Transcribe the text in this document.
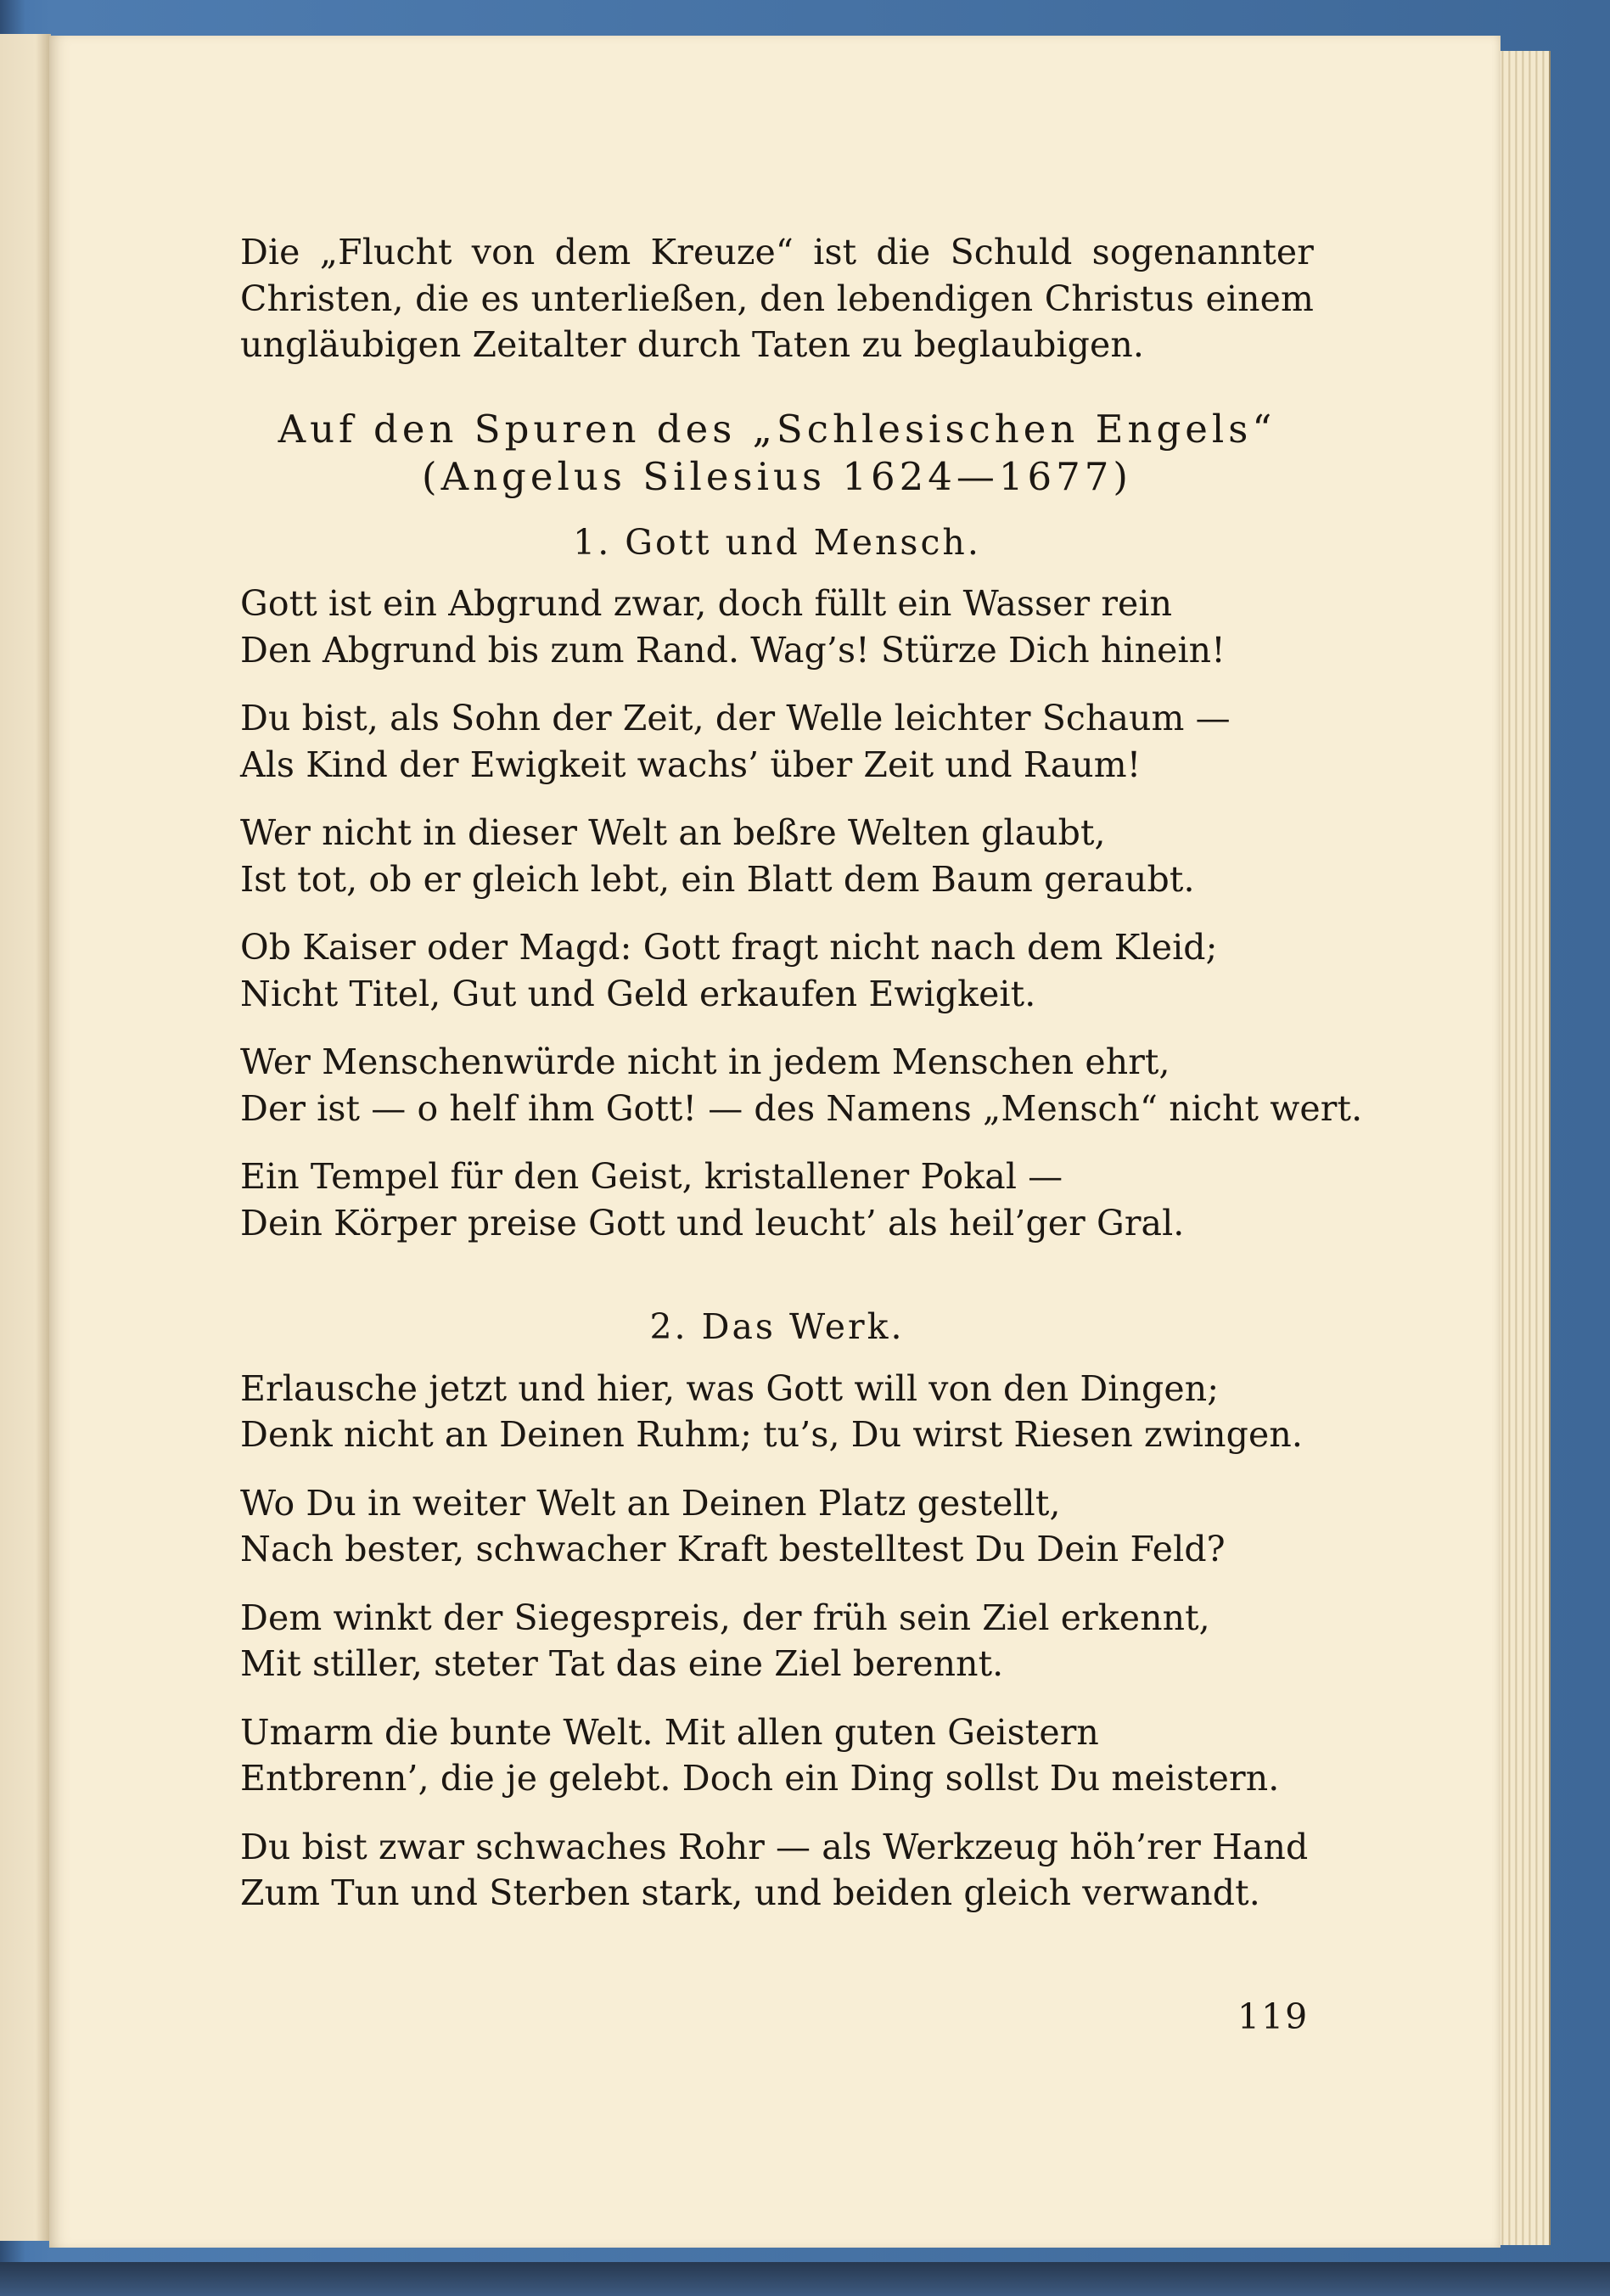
Die „Flucht von dem Kreuze“ ist die Schuld sogenannter
Christen, die es unterließen, den lebendigen Christus einem
ungläubigen Zeitalter durch Taten zu beglaubigen.

Auf den Spuren des „Schlesischen Engels“
(Angelus Silesius 1624—1677)
1. Gott und Mensch.
Gott ist ein Abgrund zwar, doch füllt ein Wasser rein
Den Abgrund bis zum Rand. Wag’s! Stürze Dich hinein!
Du bist, als Sohn der Zeit, der Welle leichter Schaum —
Als Kind der Ewigkeit wachs’ über Zeit und Raum!
Wer nicht in dieser Welt an beßre Welten glaubt,
Ist tot, ob er gleich lebt, ein Blatt dem Baum geraubt.
Ob Kaiser oder Magd: Gott fragt nicht nach dem Kleid;
Nicht Titel, Gut und Geld erkaufen Ewigkeit.
Wer Menschenwürde nicht in jedem Menschen ehrt,
Der ist — o helf ihm Gott! — des Namens „Mensch“ nicht wert.
Ein Tempel für den Geist, kristallener Pokal —
Dein Körper preise Gott und leucht’ als heil’ger Gral.
2. Das Werk.
Erlausche jetzt und hier, was Gott will von den Dingen;
Denk nicht an Deinen Ruhm; tu’s, Du wirst Riesen zwingen.
Wo Du in weiter Welt an Deinen Platz gestellt,
Nach bester, schwacher Kraft bestelltest Du Dein Feld?
Dem winkt der Siegespreis, der früh sein Ziel erkennt,
Mit stiller, steter Tat das eine Ziel berennt.
Umarm die bunte Welt. Mit allen guten Geistern
Entbrenn’, die je gelebt. Doch ein Ding sollst Du meistern.
Du bist zwar schwaches Rohr — als Werkzeug höh’rer Hand
Zum Tun und Sterben stark, und beiden gleich verwandt.
119
